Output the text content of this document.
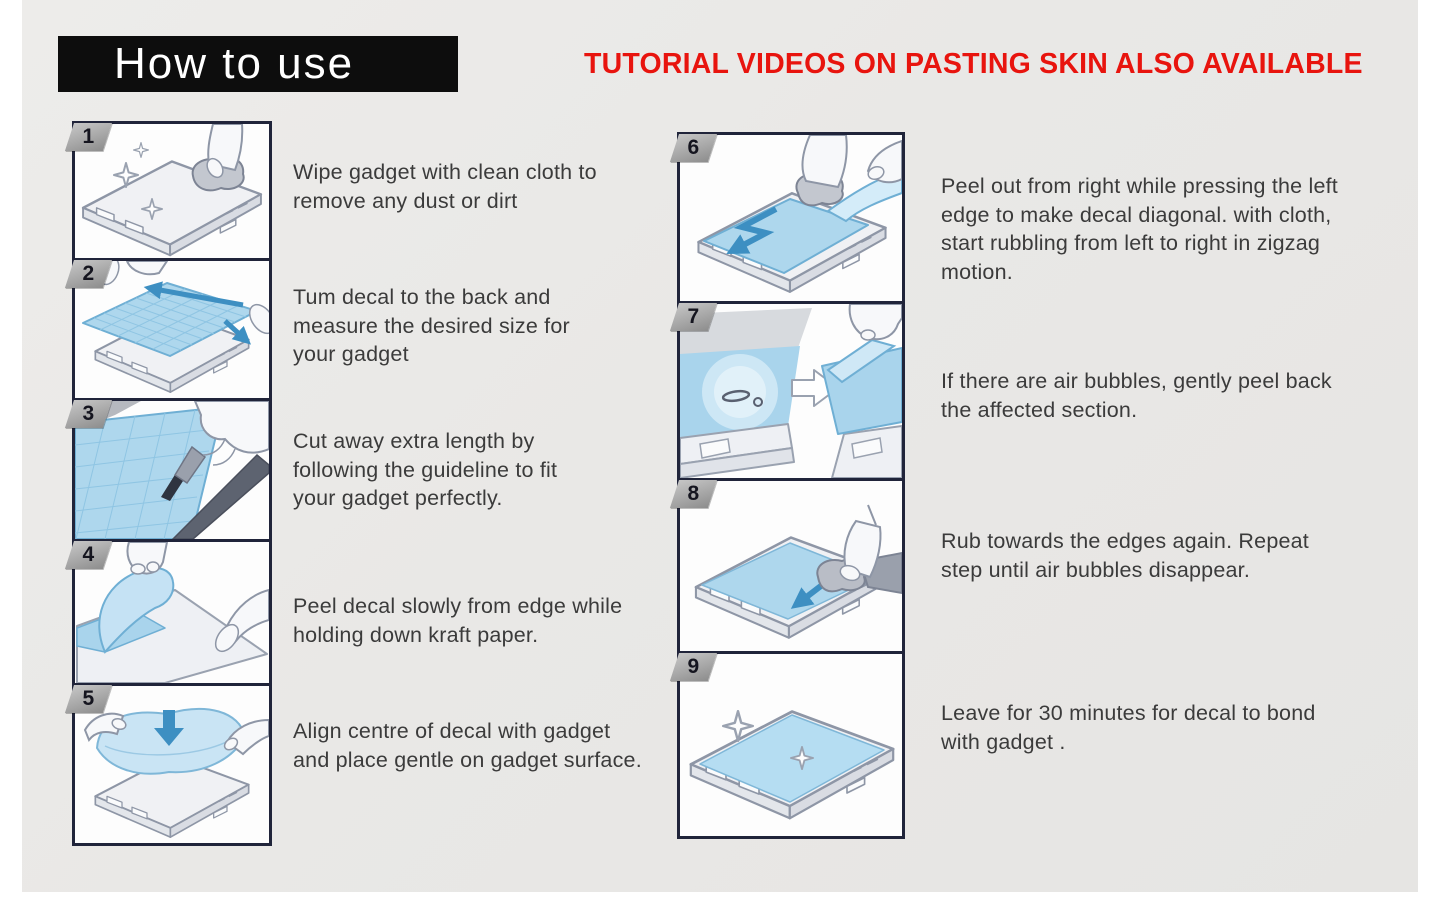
How to use	TUTORIAL VIDEOS ON PASTING SKIN ALSO AVAILABLE
1
Wipe gadget with clean cloth to remove any dust or dirt
2
Tum decal to the back and measure the desired size for your gadget
3
Cut away extra length by following the guideline to fit your gadget perfectly.
4
Peel decal slowly from edge while holding down kraft paper.
5
Align centre of decal with gadget and place gentle on gadget surface.
6
Peel out from right while pressing the left edge to make decal diagonal. with cloth, start rubbling from left to right in zigzag motion.
7
If there are air bubbles, gently peel back the affected section.
8
Rub towards the edges again. Repeat step until air bubbles disappear.
9
Leave for 30 minutes for decal to bond with gadget .
